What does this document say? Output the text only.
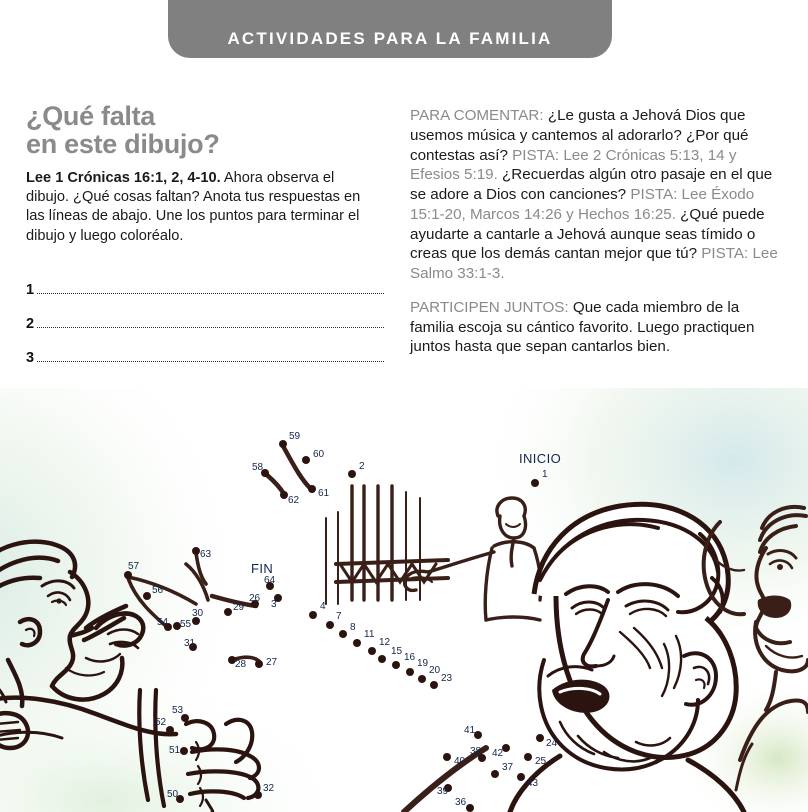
ACTIVIDADES PARA LA FAMILIA
¿Qué falta
en este dibujo?

Lee 1 Crónicas 16:1, 2, 4-10. Ahora observa el dibujo. ¿Qué cosas faltan? Anota tus respuestas en las líneas de abajo. Une los puntos para terminar el dibujo y luego coloréalo.

1
2
3

PARA COMENTAR: ¿Le gusta a Jehová Dios que usemos música y cantemos al adorarlo? ¿Por qué contestas así? PISTA: Lee 2 Crónicas 5:13, 14 y Efesios 5:19. ¿Recuerdas algún otro pasaje en el que se adore a Dios con canciones? PISTA: Lee Éxodo 15:1-20, Marcos 14:26 y Hechos 16:25. ¿Qué puede ayudarte a cantarle a Jehová aunque seas tímido o creas que los demás cantan mejor que tú? PISTA: Lee Salmo 33:1-3.

PARTICIPEN JUNTOS: Que cada miembro de la familia escoja su cántico favorito. Luego practiquen juntos hasta que sepan cantarlos bien.

1
2
3	4
7
8
11
12
15
16
19
20
23
24
25
26
27
28
29
30
31
32
36
37
38
39
40
41
42
43
50
51
52
53
54 55
56
57
58
59
60
61
62
63
64
INICIO
FIN
